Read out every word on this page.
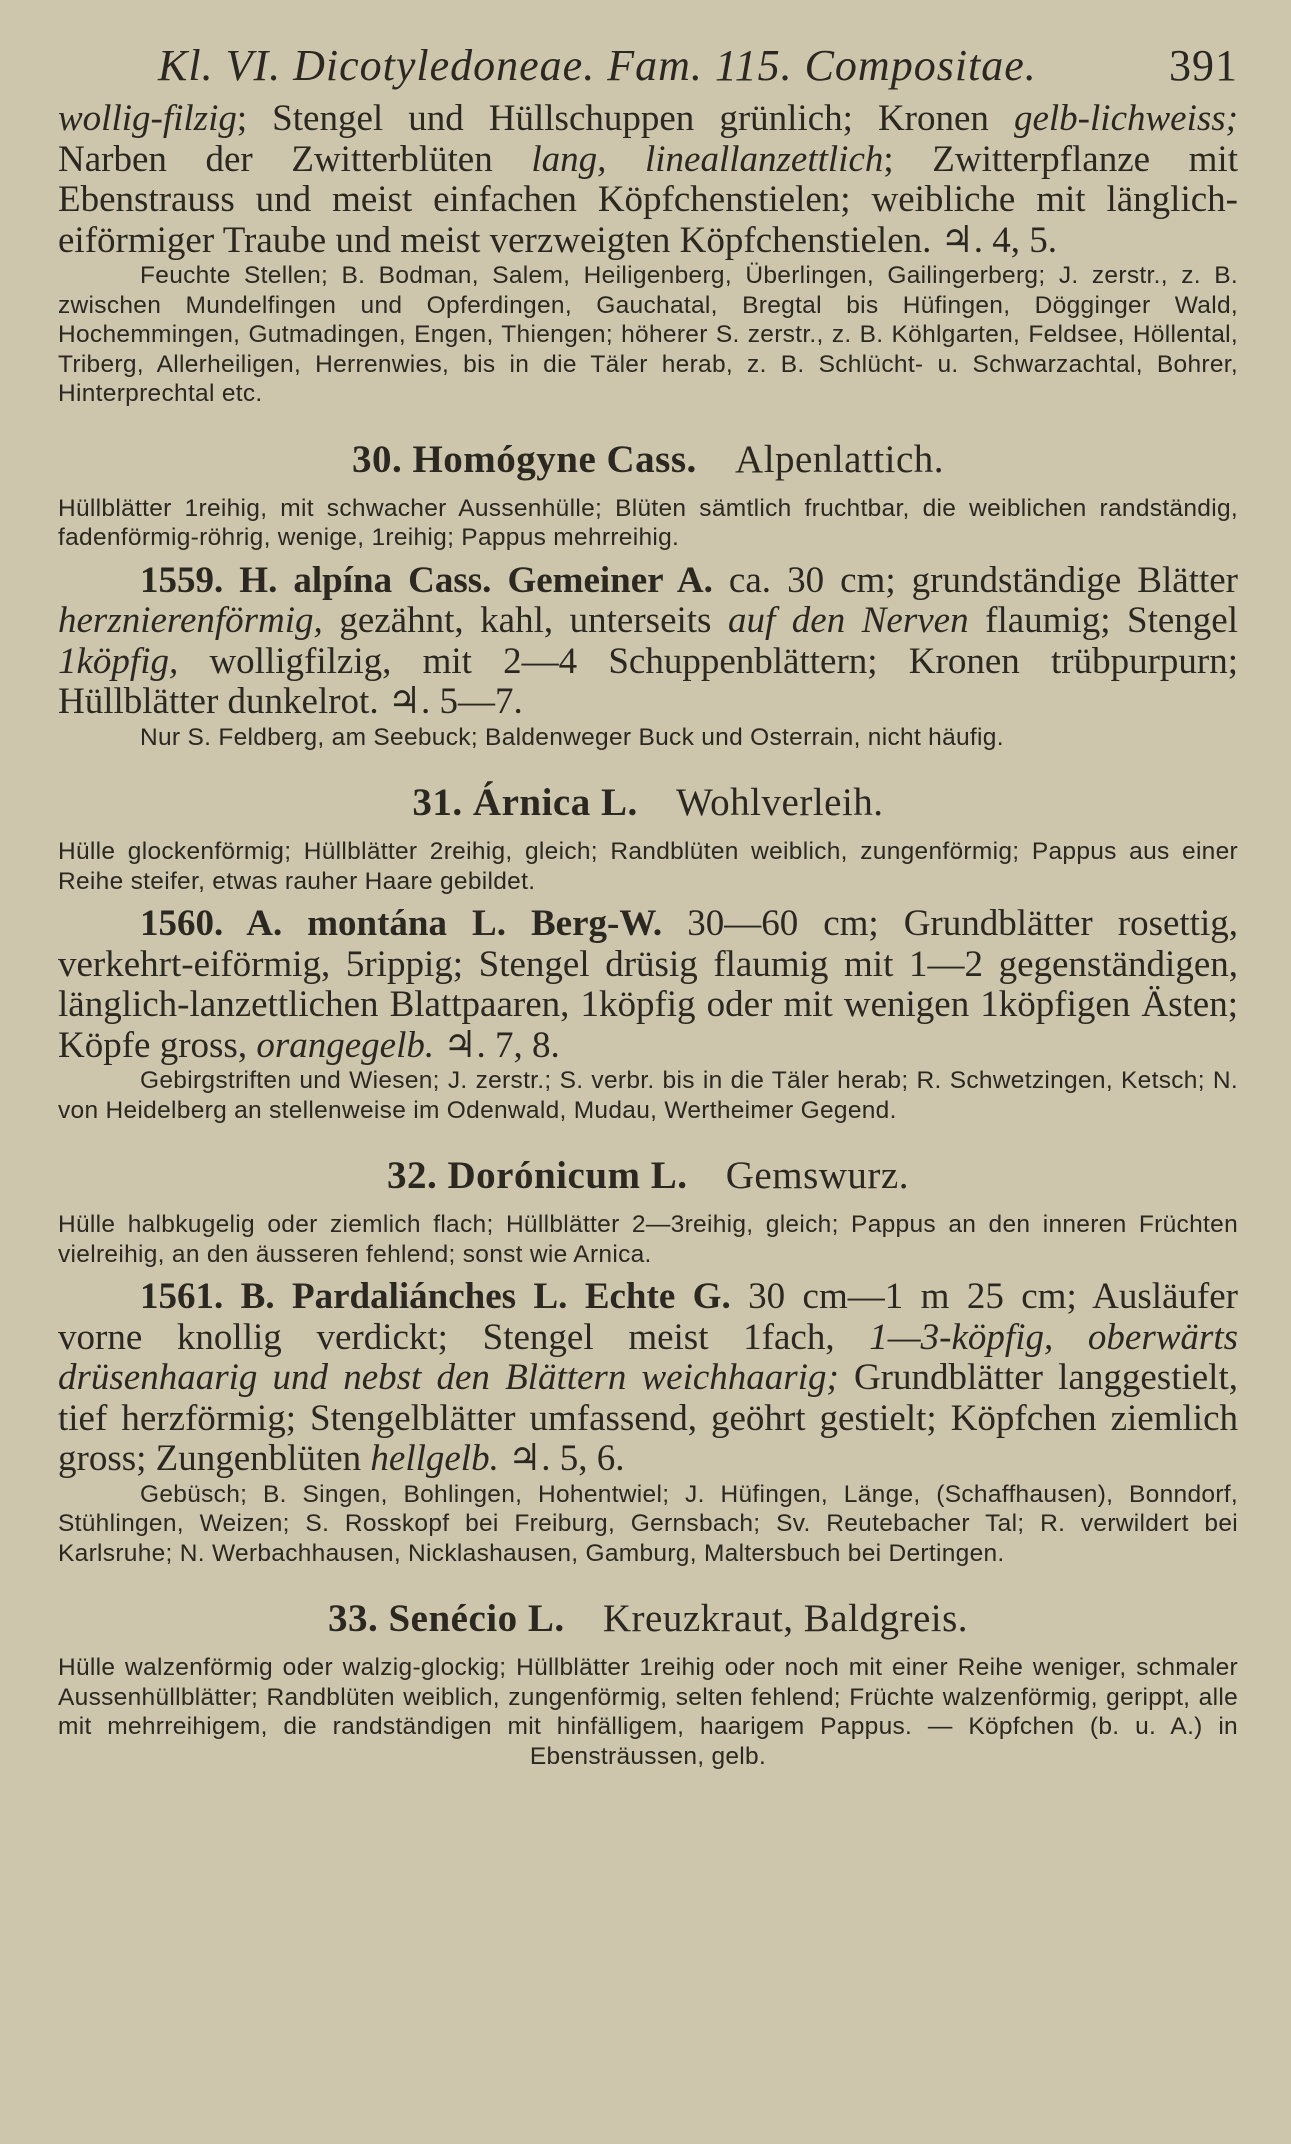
Kl. VI. Dicotyledoneae. Fam. 115. Compositae.	391

wollig-filzig; Stengel und Hüllschuppen grünlich; Kronen gelb-lichweiss; Narben der Zwitterblüten lang, lineallanzettlich; Zwitterpflanze mit Ebenstrauss und meist einfachen Köpfchenstielen; weibliche mit länglich-eiförmiger Traube und meist verzweigten Köpfchenstielen. ♃. 4, 5.

Feuchte Stellen; B. Bodman, Salem, Heiligenberg, Überlingen, Gailingerberg; J. zerstr., z. B. zwischen Mundelfingen und Opferdingen, Gauchatal, Bregtal bis Hüfingen, Dögginger Wald, Hochemmingen, Gutmadingen, Engen, Thiengen; höherer S. zerstr., z. B. Köhlgarten, Feldsee, Höllental, Triberg, Allerheiligen, Herrenwies, bis in die Täler herab, z. B. Schlücht- u. Schwarzachtal, Bohrer, Hinterprechtal etc.

30. Homógyne Cass. Alpenlattich.

Hüllblätter 1reihig, mit schwacher Aussenhülle; Blüten sämtlich fruchtbar, die weiblichen randständig, fadenförmig-röhrig, wenige, 1reihig; Pappus mehrreihig.

1559. H. alpína Cass. Gemeiner A. ca. 30 cm; grundständige Blätter herznierenförmig, gezähnt, kahl, unterseits auf den Nerven flaumig; Stengel 1köpfig, wolligfilzig, mit 2—4 Schuppenblättern; Kronen trübpurpurn; Hüllblätter dunkelrot. ♃. 5—7.

Nur S. Feldberg, am Seebuck; Baldenweger Buck und Osterrain, nicht häufig.

31. Árnica L. Wohlverleih.

Hülle glockenförmig; Hüllblätter 2reihig, gleich; Randblüten weiblich, zungenförmig; Pappus aus einer Reihe steifer, etwas rauher Haare gebildet.

1560. A. montána L. Berg-W. 30—60 cm; Grundblätter rosettig, verkehrt-eiförmig, 5rippig; Stengel drüsig flaumig mit 1—2 gegenständigen, länglich-lanzettlichen Blattpaaren, 1köpfig oder mit wenigen 1köpfigen Ästen; Köpfe gross, orangegelb. ♃. 7, 8.

Gebirgstriften und Wiesen; J. zerstr.; S. verbr. bis in die Täler herab; R. Schwetzingen, Ketsch; N. von Heidelberg an stellenweise im Odenwald, Mudau, Wertheimer Gegend.

32. Dorónicum L. Gemswurz.

Hülle halbkugelig oder ziemlich flach; Hüllblätter 2—3reihig, gleich; Pappus an den inneren Früchten vielreihig, an den äusseren fehlend; sonst wie Arnica.

1561. B. Pardaliánches L. Echte G. 30 cm—1 m 25 cm; Ausläufer vorne knollig verdickt; Stengel meist 1fach, 1—3-köpfig, oberwärts drüsenhaarig und nebst den Blättern weichhaarig; Grundblätter langgestielt, tief herzförmig; Stengelblätter umfassend, geöhrt gestielt; Köpfchen ziemlich gross; Zungenblüten hellgelb. ♃. 5, 6.

Gebüsch; B. Singen, Bohlingen, Hohentwiel; J. Hüfingen, Länge, (Schaffhausen), Bonndorf, Stühlingen, Weizen; S. Rosskopf bei Freiburg, Gernsbach; Sv. Reutebacher Tal; R. verwildert bei Karlsruhe; N. Werbachhausen, Nicklashausen, Gamburg, Maltersbuch bei Dertingen.

33. Senécio L. Kreuzkraut, Baldgreis.

Hülle walzenförmig oder walzig-glockig; Hüllblätter 1reihig oder noch mit einer Reihe weniger, schmaler Aussenhüllblätter; Randblüten weiblich, zungenförmig, selten fehlend; Früchte walzenförmig, gerippt, alle mit mehrreihigem, die randständigen mit hinfälligem, haarigem Pappus. — Köpfchen (b. u. A.) in Ebensträussen, gelb.
